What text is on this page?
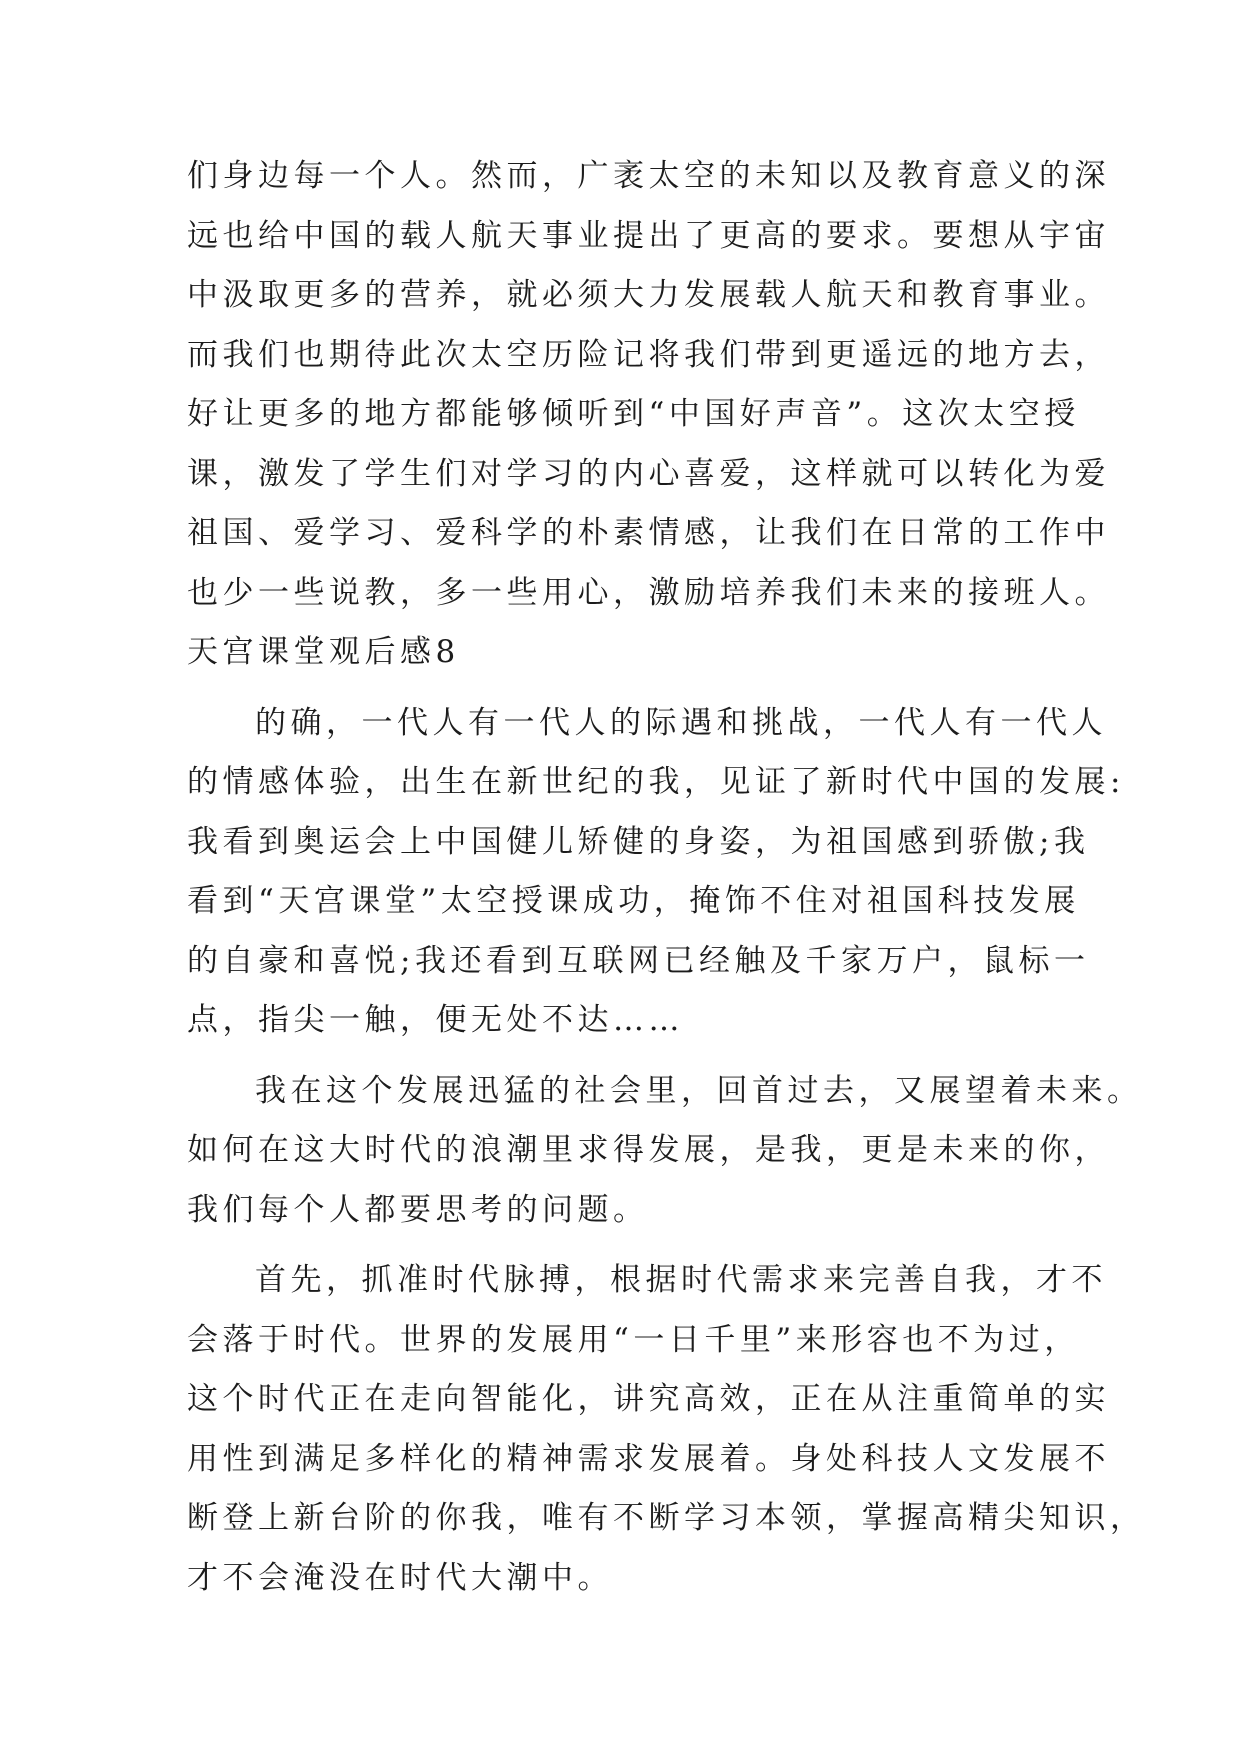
们身边每一个人。然而，广袤太空的未知以及教育意义的深
远也给中国的载人航天事业提出了更高的要求。要想从宇宙
中汲取更多的营养，就必须大力发展载人航天和教育事业。
而我们也期待此次太空历险记将我们带到更遥远的地方去，
好让更多的地方都能够倾听到“中国好声音”。这次太空授
课，激发了学生们对学习的内心喜爱，这样就可以转化为爱
祖国、爱学习、爱科学的朴素情感，让我们在日常的工作中
也少一些说教，多一些用心，激励培养我们未来的接班人。
天宫课堂观后感8
的确，一代人有一代人的际遇和挑战，一代人有一代人
的情感体验，出生在新世纪的我，见证了新时代中国的发展:
我看到奥运会上中国健儿矫健的身姿，为祖国感到骄傲;我
看到“天宫课堂”太空授课成功，掩饰不住对祖国科技发展
的自豪和喜悦;我还看到互联网已经触及千家万户，鼠标一
点，指尖一触，便无处不达……
我在这个发展迅猛的社会里，回首过去，又展望着未来。
如何在这大时代的浪潮里求得发展，是我，更是未来的你，
我们每个人都要思考的问题。
首先，抓准时代脉搏，根据时代需求来完善自我，才不
会落于时代。世界的发展用“一日千里”来形容也不为过，
这个时代正在走向智能化，讲究高效，正在从注重简单的实
用性到满足多样化的精神需求发展着。身处科技人文发展不
断登上新台阶的你我，唯有不断学习本领，掌握高精尖知识，
才不会淹没在时代大潮中。
